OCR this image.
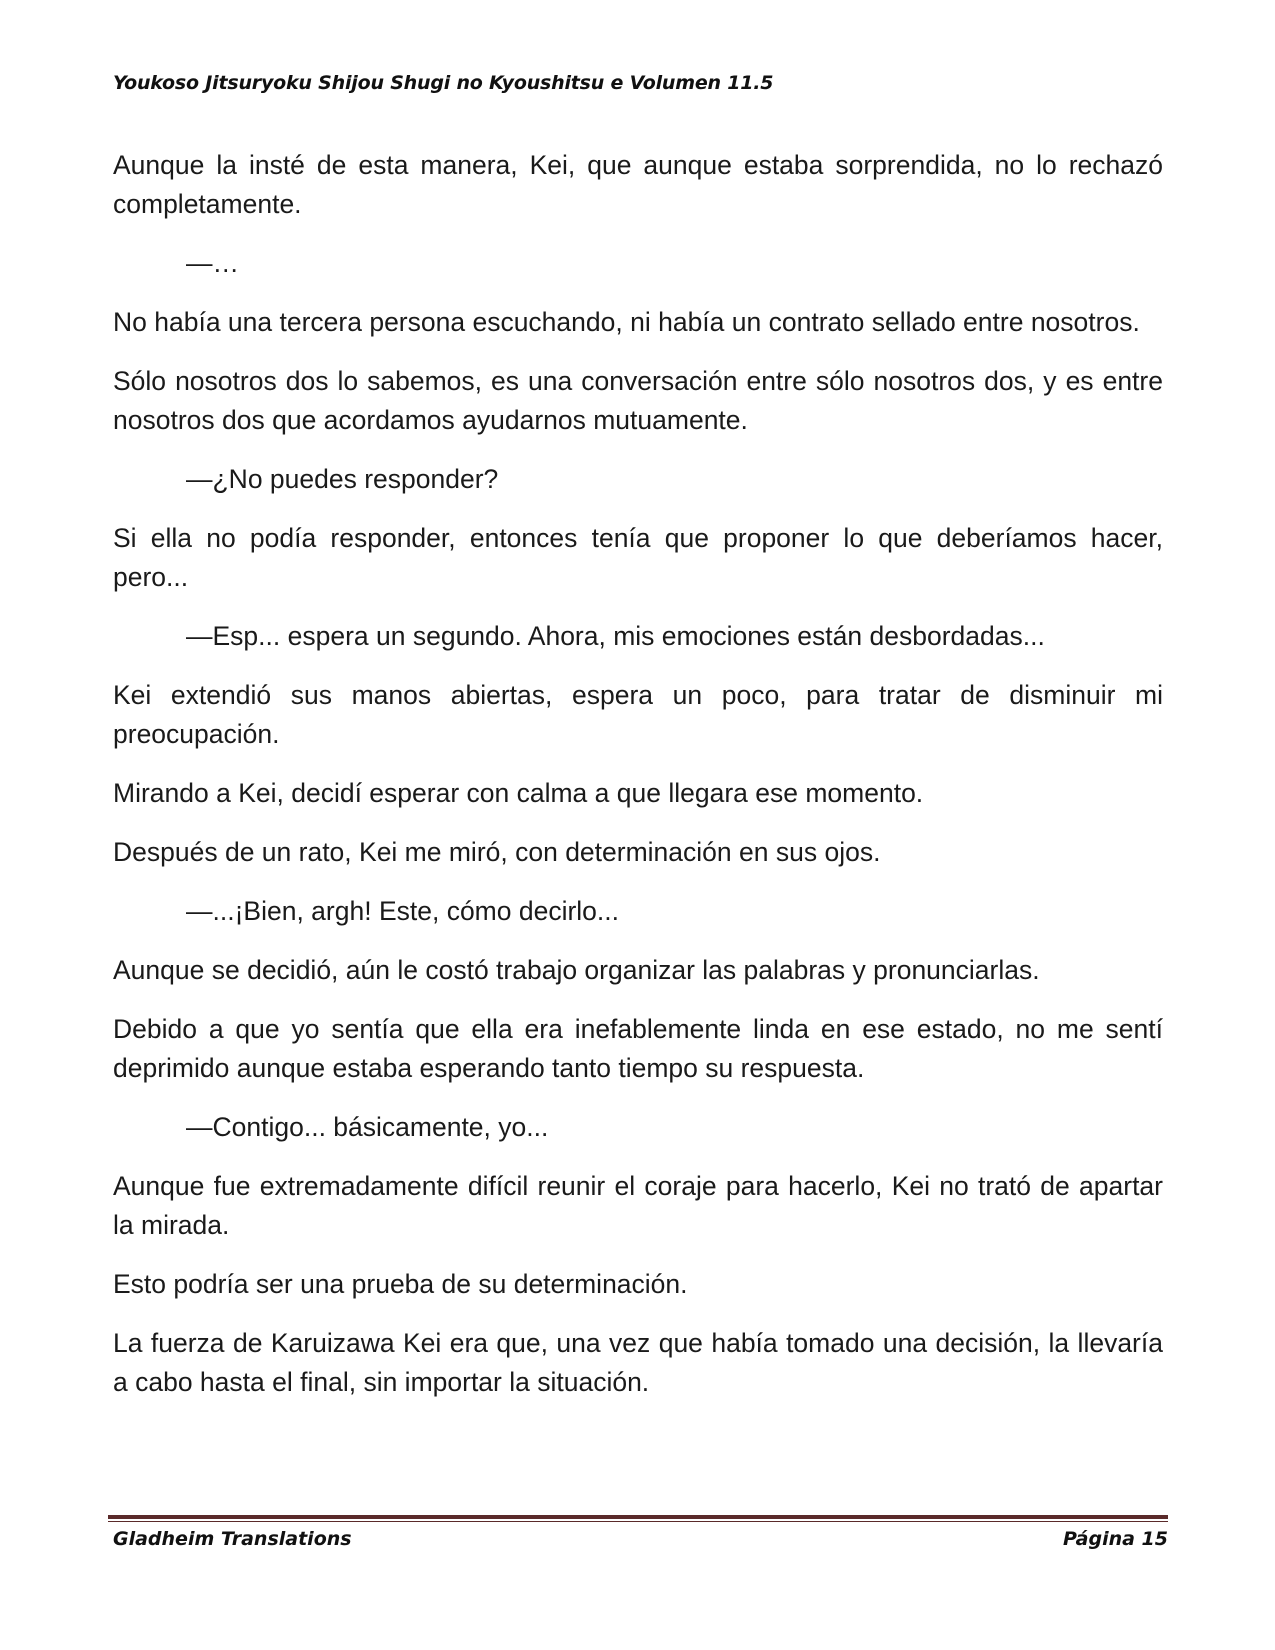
Youkoso Jitsuryoku Shijou Shugi no Kyoushitsu e Volumen 11.5

Aunque la insté de esta manera, Kei, que aunque estaba sorprendida, no lo rechazó completamente.

—…

No había una tercera persona escuchando, ni había un contrato sellado entre nosotros.

Sólo nosotros dos lo sabemos, es una conversación entre sólo nosotros dos, y es entre nosotros dos que acordamos ayudarnos mutuamente.

—¿No puedes responder?

Si ella no podía responder, entonces tenía que proponer lo que deberíamos hacer, pero...

—Esp... espera un segundo. Ahora, mis emociones están desbordadas...

Kei extendió sus manos abiertas, espera un poco, para tratar de disminuir mi preocupación.

Mirando a Kei, decidí esperar con calma a que llegara ese momento.

Después de un rato, Kei me miró, con determinación en sus ojos.

—...¡Bien, argh! Este, cómo decirlo...

Aunque se decidió, aún le costó trabajo organizar las palabras y pronunciarlas.

Debido a que yo sentía que ella era inefablemente linda en ese estado, no me sentí deprimido aunque estaba esperando tanto tiempo su respuesta.

—Contigo... básicamente, yo...

Aunque fue extremadamente difícil reunir el coraje para hacerlo, Kei no trató de apartar la mirada.

Esto podría ser una prueba de su determinación.

La fuerza de Karuizawa Kei era que, una vez que había tomado una decisión, la llevaría a cabo hasta el final, sin importar la situación.

Gladheim Translations	Página 15
